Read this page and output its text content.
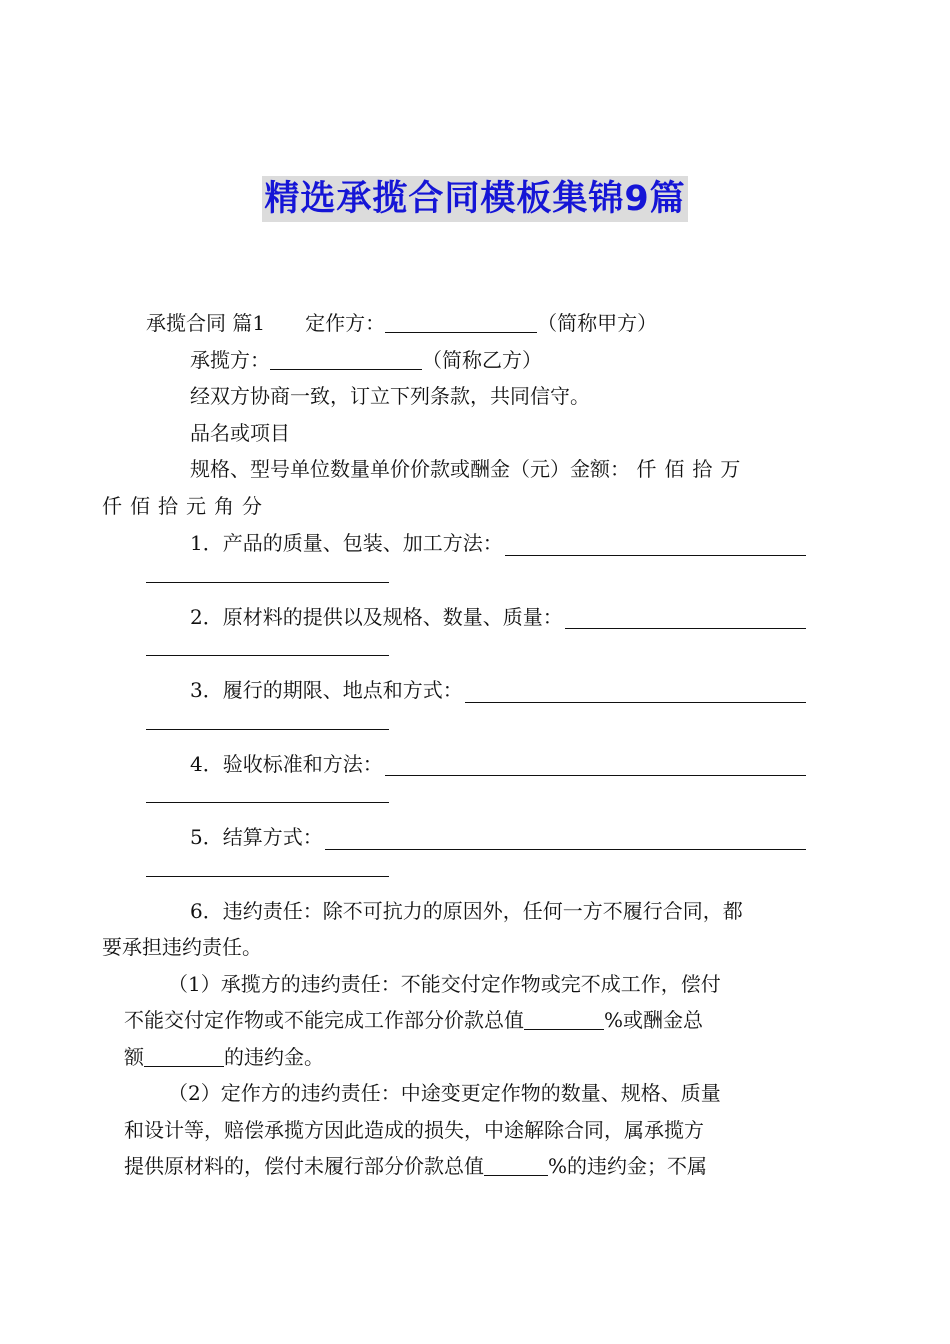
精选承揽合同模板集锦9篇

承揽合同 篇1 定作方：	（简称甲方）

承揽方：	（简称乙方）

经双方协商一致，订立下列条款，共同信守。

品名或项目

规格、型号单位数量单价价款或酬金（元）金额： 仟佰拾万
仟佰拾元角分

1．产品的质量、包装、加工方法：
2．原材料的提供以及规格、数量、质量：
3．履行的期限、地点和方式：
4．验收标准和方法：
5．结算方式：

6．违约责任：除不可抗力的原因外，任何一方不履行合同，都
要承担违约责任。

（1）承揽方的违约责任：不能交付定作物或完不成工作，偿付
不能交付定作物或不能完成工作部分价款总值	%或酬金总
额	的违约金。

（2）定作方的违约责任：中途变更定作物的数量、规格、质量
和设计等，赔偿承揽方因此造成的损失，中途解除合同，属承揽方
提供原材料的，偿付未履行部分价款总值	%的违约金；不属
